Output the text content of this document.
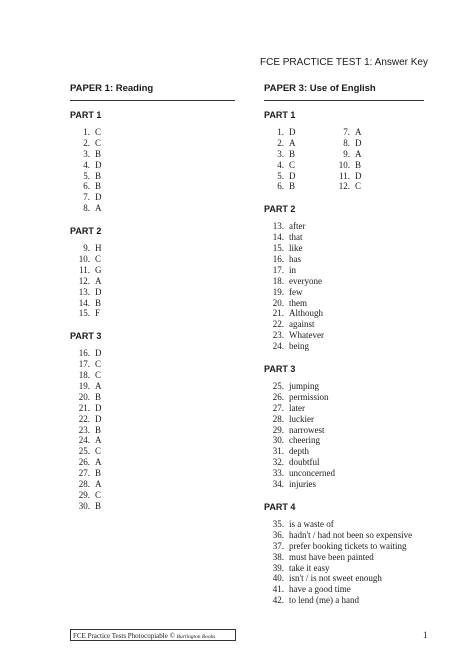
FCE PRACTICE TEST 1: Answer Key
PAPER 1: Reading
PART 1
1. C
2. C
3. B
4. D
5. B
6. B
7. D
8. A
PART 2
9. H
10. C
11. G
12. A
13. D
14. B
15. F
PART 3
16. D
17. C
18. C
19. A
20. B
21. D
22. D
23. B
24. A
25. C
26. A
27. B
28. A
29. C
30. B
PAPER 3: Use of English
PART 1
1. D	7. A
2. A	8. D
3. B	9. A
4. C	10. B
5. D	11. D
6. B	12. C
PART 2
13. after
14. that
15. like
16. has
17. in
18. everyone
19. few
20. them
21. Although
22. against
23. Whatever
24. being
PART 3
25. jumping
26. permission
27. later
28. luckier
29. narrowest
30. cheering
31. depth
32. doubtful
33. unconcerned
34. injuries
PART 4
35. is a waste of
36. hadn't / had not been so expensive
37. prefer booking tickets to waiting
38. must have been painted
39. take it easy
40. isn't / is not sweet enough
41. have a good time
42. to lend (me) a hand
FCE Practice Tests Photocopiable © Burlington Books	1
